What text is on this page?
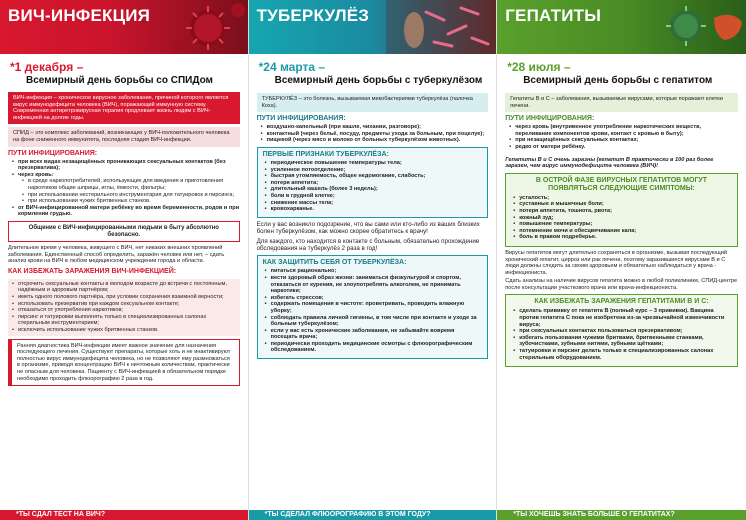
ВИЧ-ИНФЕКЦИЯ
*1 декабря –
Всемирный день борьбы со СПИДом
ВИЧ-инфекция – хроническое вирусное заболевание, причиной которого является вирус иммунодефицита человека (ВИЧ), поражающий иммунную систему. Современная антиретровирусная терапия продлевает жизнь людям с ВИЧ-инфекцией на долгие годы.
СПИД – это комплекс заболеваний, возникающих у ВИЧ-положительного человека на фоне сниженного иммунитета, последняя стадия ВИЧ-инфекции.
ПУТИ ИНФИЦИРОВАНИЯ:
• при всех видах незащищённых проникающих сексуальных контактов (без презерватива);
• через кровь:
• в среде наркопотребителей, использующих для введения и приготовления наркотиков общие шприцы, иглы, ёмкости, фильтры;
• при использовании нестерильного инструментария для татуировок и пирсинга;
• при использовании чужих бритвенных станков.
• от ВИЧ-инфицированной матери ребёнку во время беременности, родов и при кормлении грудью.
Общение с ВИЧ-инфицированными людьми в быту абсолютно безопасно.
Длительное время у человека, живущего с ВИЧ, нет никаких внешних проявлений заболевания. Единственный способ определить, заражён человек или нет, – сдать анализ крови на ВИЧ в любом медицинском учреждении города и области.
КАК ИЗБЕЖАТЬ ЗАРАЖЕНИЯ ВИЧ-ИНФЕКЦИЕЙ:
• отсрочить сексуальные контакты в молодом возрасте до встречи с постоянным, надёжным и здоровым партнёром;
• иметь одного полового партнёра, при условии сохранения взаимной верности;
• использовать презерватив при каждом сексуальном контакте;
• отказаться от употребления наркотиков;
• пирсинг и татуировки выполнять только в специализированных салонах стерильным инструментарием;
• исключить использование чужих бритвенных станков.
Ранняя диагностика ВИЧ-инфекции имеет важное значение для назначения последующего лечения. Существуют препараты, которые хоть и не инактивируют полностью вирус иммунодефицита человека, но не позволяют ему размножаться в организме, приводя концентрацию ВИЧ к ничтожным количествам, практически не опасным для человека. Пациенту с ВИЧ-инфекцией в обязательном порядке необходимо проходить флюорографию 2 раза в год.
*ТЫ СДАЛ ТЕСТ НА ВИЧ?
ТУБЕРКУЛЁЗ
*24 марта –
Всемирный день борьбы с туберкулёзом
ТУБЕРКУЛЁЗ – это болезнь, вызываемая микобактериями туберкулёза (палочка Коха).
ПУТИ ИНФИЦИРОВАНИЯ:
• воздушно-капельный (при кашле, чихании, разговоре);
• контактный (через бельё, посуду, предметы ухода за больным, при поцелуе);
• пищевой (через мясо и молоко от больных туберкулёзом животных).
ПЕРВЫЕ ПРИЗНАКИ ТУБЕРКУЛЁЗА:
• периодическое повышение температуры тела;
• усиленное потоотделение;
• быстрая утомляемость, общее недомогание, слабость;
• потеря аппетита;
• длительный кашель (более 3 недель);
• боли в грудной клетке;
• снижение массы тела;
• кровохарканье.
Если у вас возникло подозрение, что вы сами или кто-либо из ваших близких болен туберкулёзом, как можно скорее обратитесь к врачу!
Для каждого, кто находится в контакте с больным, обязательно прохождение обследования на туберкулёз 2 раза в год!
КАК ЗАЩИТИТЬ СЕБЯ ОТ ТУБЕРКУЛЁЗА:
• питаться рационально;
• вести здоровый образ жизни: заниматься физкультурой и спортом, отказаться от курения, не злоупотреблять алкоголем, не принимать наркотики;
• избегать стрессов;
• содержать помещения в чистоте: проветривать, проводить влажную уборку;
• соблюдать правила личной гигиены, в том числе при контакте и уходе за больным туберкулёзом;
• если у вас есть хронические заболевания, не забывайте вовремя посещать врача;
• периодически проходить медицинские осмотры с флюорографическим обследованием.
*ТЫ СДЕЛАЛ ФЛЮОРОГРАФИЮ В ЭТОМ ГОДУ?
ГЕПАТИТЫ
*28 июля –
Всемирный день борьбы с гепатитом
Гепатиты В и С – заболевания, вызываемые вирусами, которые поражают клетки печени.
ПУТИ ИНФИЦИРОВАНИЯ:
• через кровь (внутривенное употребление наркотических веществ, переливание компонентов крови, контакт с кровью в быту);
• при незащищённых сексуальных контактах;
• редко от матери ребёнку.
Гепатиты В и С очень заразны (гепатит В практически в 100 раз более заразен, чем вирус иммунодефицита человека (ВИЧ)!
В ОСТРОЙ ФАЗЕ ВИРУСНЫХ ГЕПАТИТОВ МОГУТ ПОЯВЛЯТЬСЯ СЛЕДУЮЩИЕ СИМПТОМЫ:
• усталость;
• суставные и мышечные боли;
• потеря аппетита, тошнота, рвота;
• кожный зуд;
• повышение температуры;
• потемнение мочи и обесцвечивание кала;
• боль в правом подреберье.
Вирусы гепатитов могут длительно сохраняться в организме, вызывая последующий хронический гепатит, цирроз или рак печени, поэтому заразившиеся вирусами В и С люди должны следить за своим здоровьем и обязательно наблюдаться у врача - инфекциониста.
Сдать анализы на наличие вирусов гепатита можно в любой поликлинике, СПИД-центре после консультации участкового врача или врача-инфекциониста.
КАК ИЗБЕЖАТЬ ЗАРАЖЕНИЯ ГЕПАТИТАМИ В И С:
• сделать прививку от гепатита В (полный курс – 3 прививки). Вакцина против гепатита С пока не изобретена из-за чрезвычайной изменчивости вируса;
• при сексуальных контактах пользоваться презервативом;
• избегать пользования чужими бритвами, бритвенными станками, зубочистками, зубными нитями, зубными щётками;
• татуировки и пирсинг делать только в специализированных салонах стерильным оборудованием.
*ТЫ ХОЧЕШЬ ЗНАТЬ БОЛЬШЕ О ГЕПАТИТАХ?
